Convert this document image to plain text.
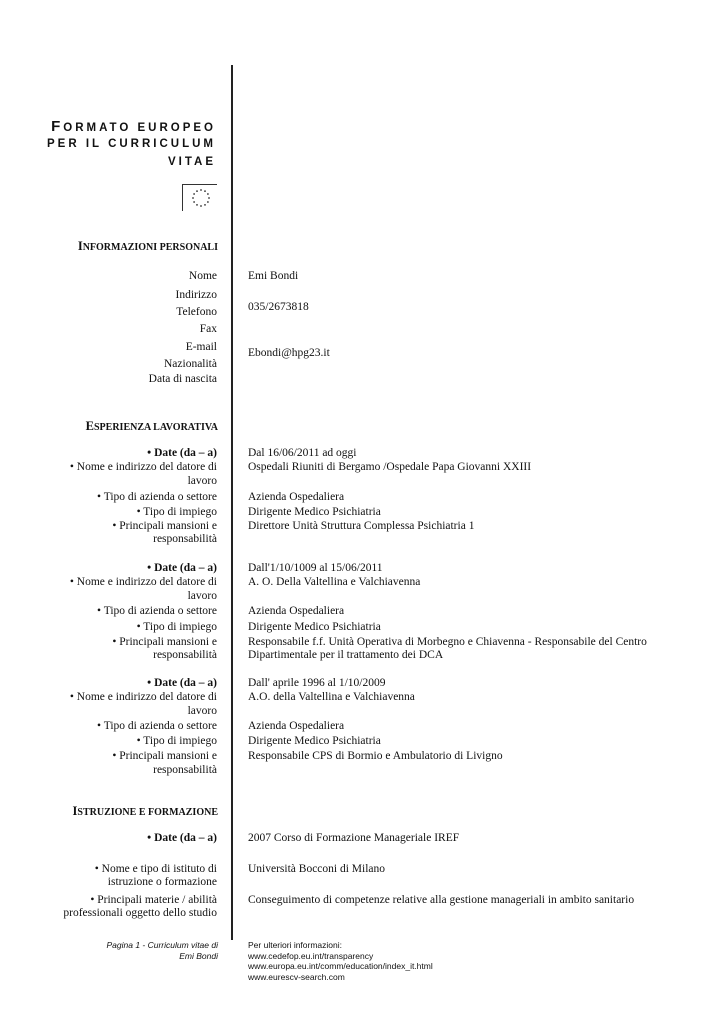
FORMATO EUROPEO
PER IL CURRICULUM
VITAE
INFORMAZIONI PERSONALI
Nome
Indirizzo
Telefono
Fax
E-mail
Nazionalità
Data di nascita
Emi Bondi
035/2673818
Ebondi@hpg23.it
ESPERIENZA LAVORATIVA
• Date (da – a)
• Nome e indirizzo del datore di
lavoro
• Tipo di azienda o settore
• Tipo di impiego
• Principali mansioni e
responsabilità
Dal 16/06/2011 ad oggi
Ospedali Riuniti di Bergamo /Ospedale Papa Giovanni XXIII
Azienda Ospedaliera
Dirigente Medico Psichiatria
Direttore Unità Struttura Complessa Psichiatria 1
• Date (da – a)
• Nome e indirizzo del datore di
lavoro
• Tipo di azienda o settore
• Tipo di impiego
• Principali mansioni e
responsabilità
Dall'1/10/1009 al 15/06/2011
A. O. Della Valtellina e Valchiavenna
Azienda Ospedaliera
Dirigente Medico Psichiatria
Responsabile f.f. Unità Operativa di Morbegno e Chiavenna - Responsabile del Centro
Dipartimentale per il trattamento dei DCA
• Date (da – a)
• Nome e indirizzo del datore di
lavoro
• Tipo di azienda o settore
• Tipo di impiego
• Principali mansioni e
responsabilità
Dall' aprile 1996 al 1/10/2009
A.O. della Valtellina e Valchiavenna
Azienda Ospedaliera
Dirigente Medico Psichiatria
Responsabile CPS di Bormio e Ambulatorio di Livigno
ISTRUZIONE E FORMAZIONE
• Date (da – a)
• Nome e tipo di istituto di
istruzione o formazione
• Principali materie / abilità
professionali oggetto dello studio
2007 Corso di Formazione Manageriale IREF
Università Bocconi di Milano
Conseguimento di competenze relative alla gestione manageriali in ambito sanitario
Pagina 1 - Curriculum vitae di
Emi Bondi
Per ulteriori informazioni:
www.cedefop.eu.int/transparency
www.europa.eu.int/comm/education/index_it.html
www.eurescv-search.com
